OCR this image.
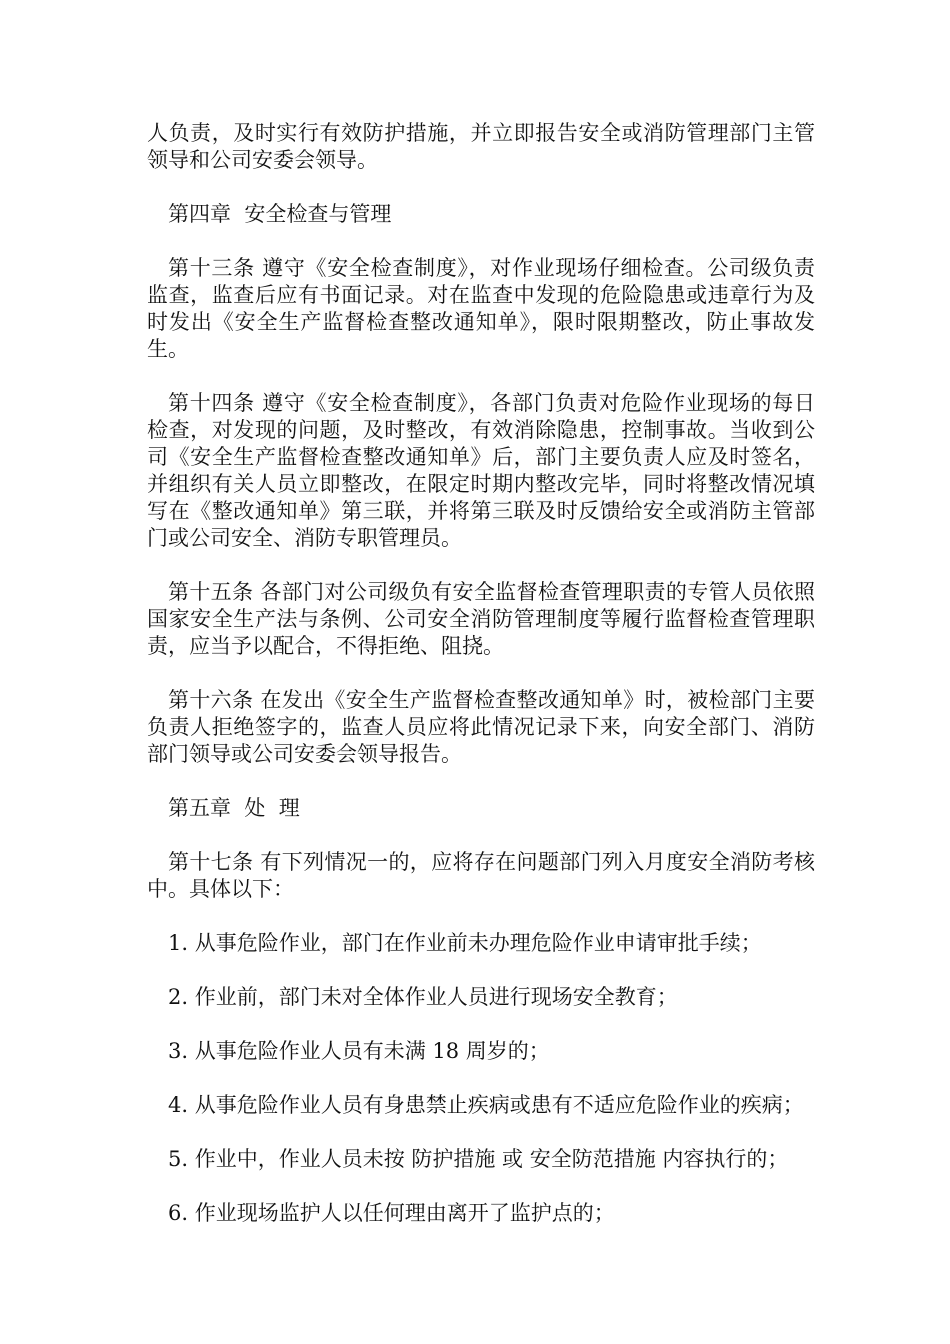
人负责，及时实行有效防护措施，并立即报告安全或消防管理部门主管领导和公司安委会领导。

第四章  安全检查与管理

第十三条 遵守《安全检查制度》，对作业现场仔细检查。公司级负责监查，监查后应有书面记录。对在监查中发现的危险隐患或违章行为及时发出《安全生产监督检查整改通知单》，限时限期整改，防止事故发生。

第十四条 遵守《安全检查制度》，各部门负责对危险作业现场的每日检查，对发现的问题，及时整改，有效消除隐患，控制事故。当收到公司《安全生产监督检查整改通知单》后，部门主要负责人应及时签名，并组织有关人员立即整改，在限定时期内整改完毕，同时将整改情况填写在《整改通知单》第三联，并将第三联及时反馈给安全或消防主管部门或公司安全、消防专职管理员。

第十五条 各部门对公司级负有安全监督检查管理职责的专管人员依照国家安全生产法与条例、公司安全消防管理制度等履行监督检查管理职责，应当予以配合，不得拒绝、阻挠。

第十六条 在发出《安全生产监督检查整改通知单》时，被检部门主要负责人拒绝签字的，监查人员应将此情况记录下来，向安全部门、消防部门领导或公司安委会领导报告。

第五章  处  理

第十七条 有下列情况一的，应将存在问题部门列入月度安全消防考核中。具体以下：

1. 从事危险作业，部门在作业前未办理危险作业申请审批手续；

2. 作业前，部门未对全体作业人员进行现场安全教育；

3. 从事危险作业人员有未满 18 周岁的；

4. 从事危险作业人员有身患禁止疾病或患有不适应危险作业的疾病；

5. 作业中，作业人员未按 防护措施 或 安全防范措施 内容执行的；

6. 作业现场监护人以任何理由离开了监护点的；
